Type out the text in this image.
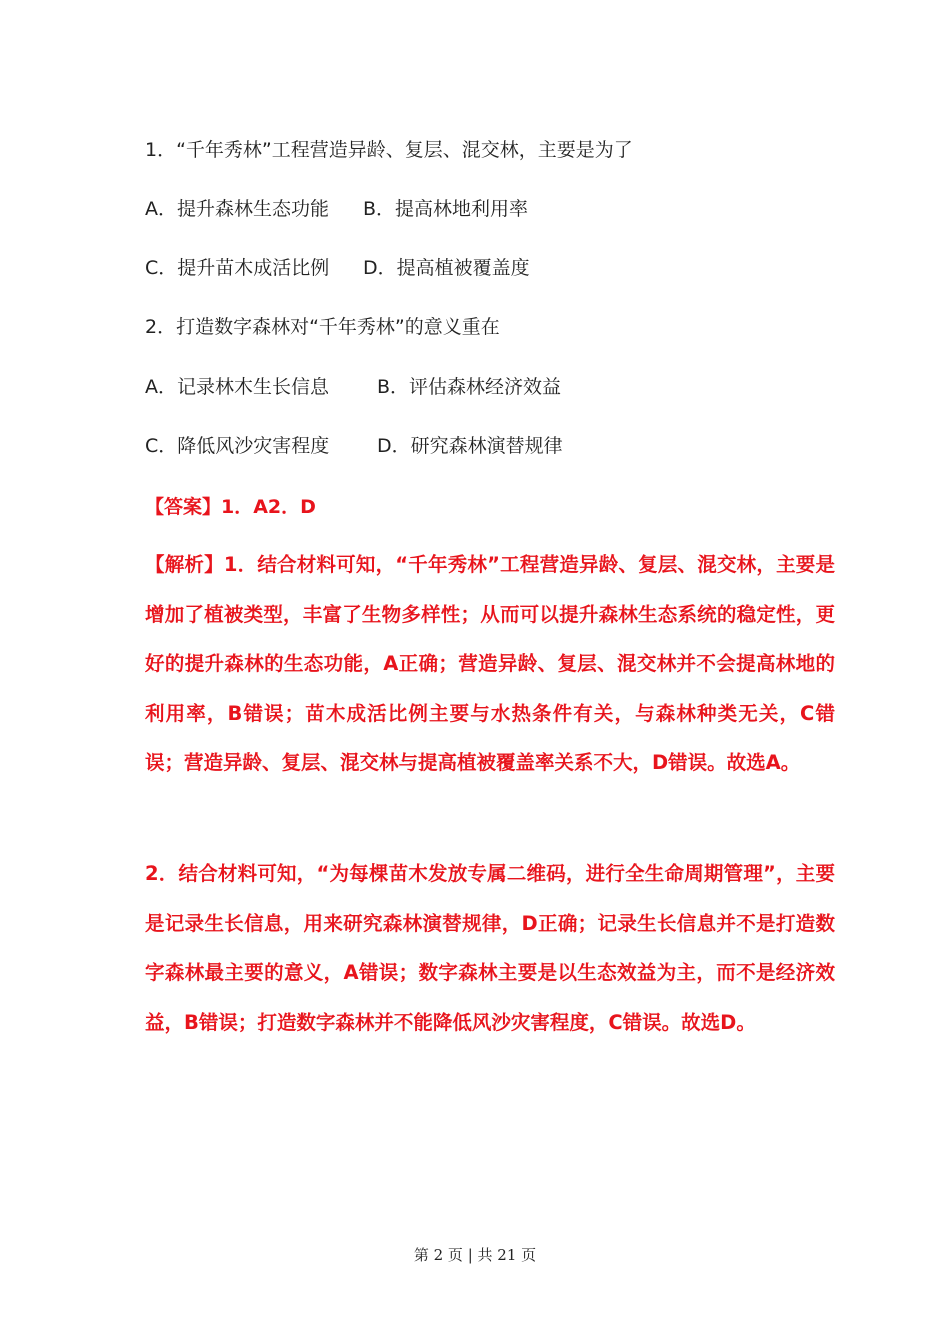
1．“千年秀林”工程营造异龄、复层、混交林，主要是为了
A．提升森林生态功能 B．提高林地利用率
C．提升苗木成活比例 D．提高植被覆盖度
2．打造数字森林对“千年秀林”的意义重在
A．记录林木生长信息	B．评估森林经济效益
C．降低风沙灾害程度	D．研究森林演替规律
【答案】1．A2．D
【解析】1．结合材料可知，“千年秀林”工程营造异龄、复层、混交林，主要是增加了植被类型，丰富了生物多样性；从而可以提升森林生态系统的稳定性，更好的提升森林的生态功能，A正确；营造异龄、复层、混交林并不会提高林地的利用率，B错误；苗木成活比例主要与水热条件有关，与森林种类无关，C错误；营造异龄、复层、混交林与提高植被覆盖率关系不大，D错误。故选A。
2．结合材料可知，“为每棵苗木发放专属二维码，进行全生命周期管理”，主要是记录生长信息，用来研究森林演替规律，D正确；记录生长信息并不是打造数字森林最主要的意义，A错误；数字森林主要是以生态效益为主，而不是经济效益，B错误；打造数字森林并不能降低风沙灾害程度，C错误。故选D。
第 2 页 | 共 21 页
